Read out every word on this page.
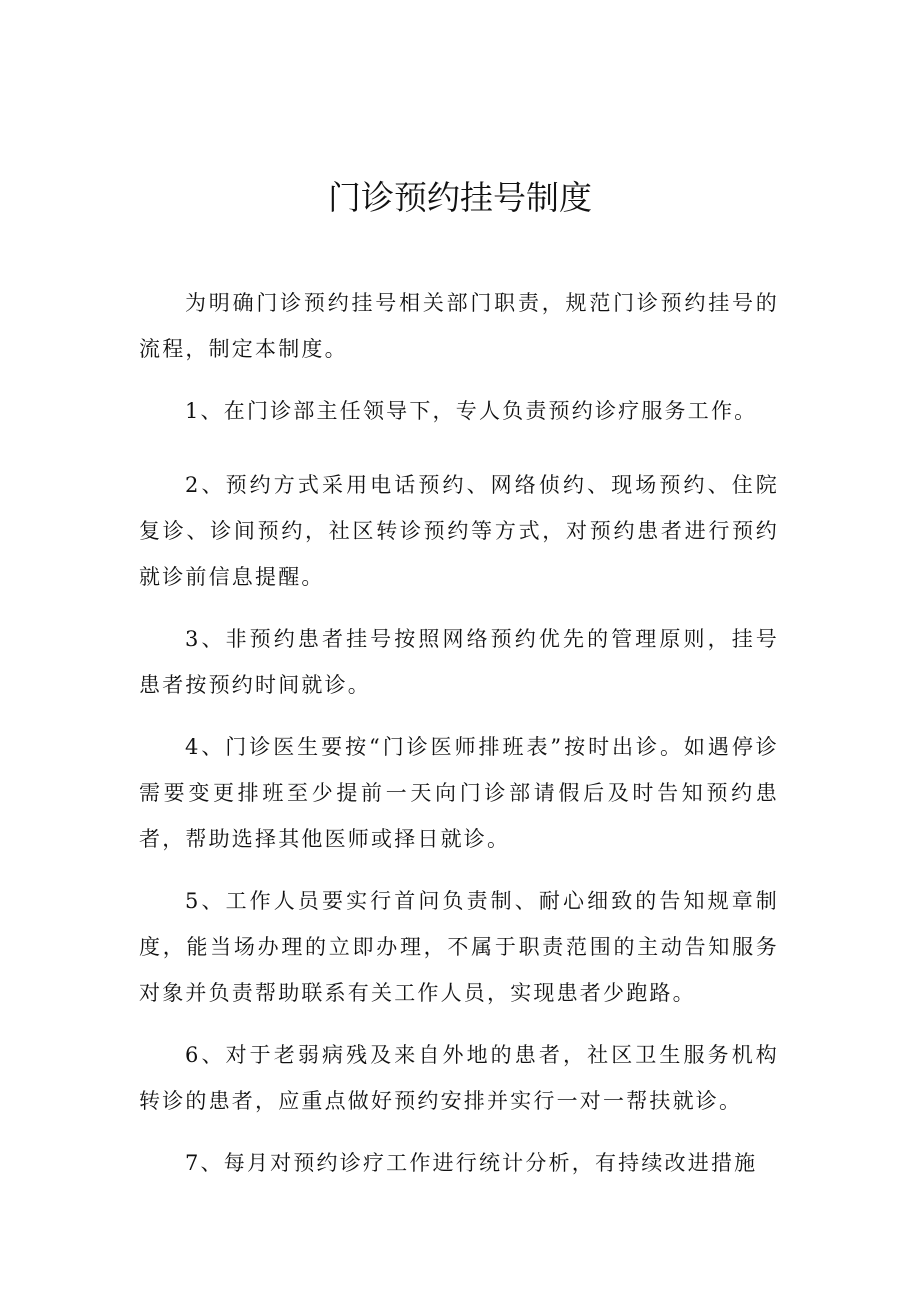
门诊预约挂号制度

为明确门诊预约挂号相关部门职责，规范门诊预约挂号的流程，制定本制度。

1、在门诊部主任领导下，专人负责预约诊疗服务工作。

2、预约方式采用电话预约、网络侦约、现场预约、住院复诊、诊间预约，社区转诊预约等方式，对预约患者进行预约就诊前信息提醒。

3、非预约患者挂号按照网络预约优先的管理原则，挂号患者按预约时间就诊。

4、门诊医生要按“门诊医师排班表”按时出诊。如遇停诊需要变更排班至少提前一天向门诊部请假后及时告知预约患者，帮助选择其他医师或择日就诊。

5、工作人员要实行首问负责制、耐心细致的告知规章制度，能当场办理的立即办理，不属于职责范围的主动告知服务对象并负责帮助联系有关工作人员，实现患者少跑路。

6、对于老弱病残及来自外地的患者，社区卫生服务机构转诊的患者，应重点做好预约安排并实行一对一帮扶就诊。

7、每月对预约诊疗工作进行统计分析，有持续改进措施
